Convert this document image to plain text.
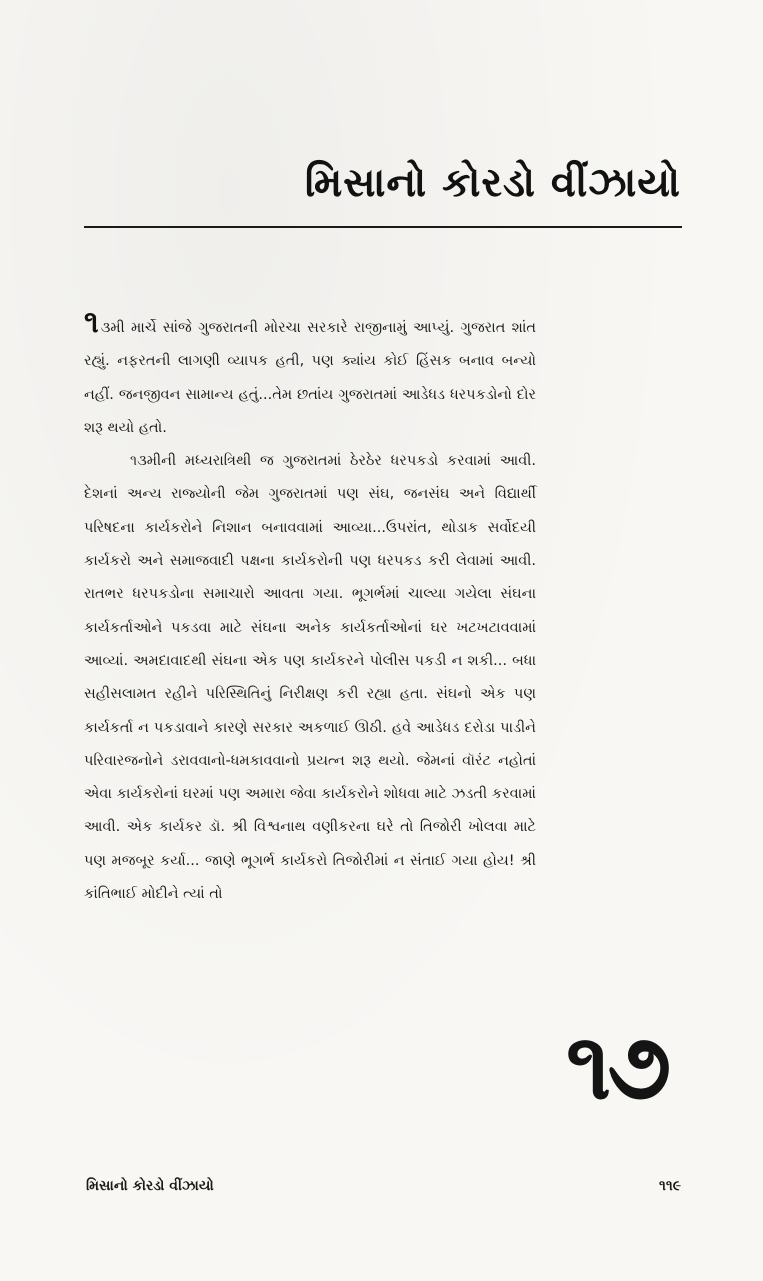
મિસાનો કોરડો વીંઝાયો

૧ ૩મી માર્ચે સાંજે ગુજરાતની મોરચા સરકારે રાજીનામું આપ્યું. ગુજરાત શાંત રહ્યું. નફરતની લાગણી વ્યાપક હતી, પણ ક્યાંય કોઈ હિંસક બનાવ બન્યો નહીં. જનજીવન સામાન્ય હતું...તેમ છતાંય ગુજરાતમાં આડેધડ ધરપકડોનો દોર શરૂ થયો હતો.

૧૩મીની મધ્યરાત્રિથી જ ગુજરાતમાં ઠેરઠેર ધરપકડો કરવામાં આવી. દેશનાં અન્ય રાજ્યોની જેમ ગુજરાતમાં પણ સંઘ, જનસંઘ અને વિદ્યાર્થી પરિષદના કાર્યકરોને નિશાન બનાવવામાં આવ્યા...ઉપરાંત, થોડાક સર્વોદયી કાર્યકરો અને સમાજવાદી પક્ષના કાર્યકરોની પણ ધરપકડ કરી લેવામાં આવી. રાતભર ધરપકડોના સમાચારો આવતા ગયા. ભૂગર્ભમાં ચાલ્યા ગયેલા સંઘના કાર્યકર્તાઓને પકડવા માટે સંઘના અનેક કાર્યકર્તાઓનાં ઘર ખટખટાવવામાં આવ્યાં. અમદાવાદથી સંઘના એક પણ કાર્યકરને પોલીસ પકડી ન શકી... બધા સહીસલામત રહીને પરિસ્થિતિનું નિરીક્ષણ કરી રહ્યા હતા. સંઘનો એક પણ કાર્યકર્તા ન પકડાવાને કારણે સરકાર અકળાઈ ઊઠી. હવે આડેધડ દરોડા પાડીને પરિવારજનોને ડરાવવાનો-ધમકાવવાનો પ્રયત્ન શરૂ થયો. જેમનાં વૉરંટ નહોતાં એવા કાર્યકરોનાં ઘરમાં પણ અમારા જેવા કાર્યકરોને શોધવા માટે ઝડતી કરવામાં આવી. એક કાર્યકર ડૉ. શ્રી વિશ્વનાથ વણીકરના ઘરે તો તિજોરી ખોલવા માટે પણ મજબૂર કર્યા... જાણે ભૂગર્ભ કાર્યકરો તિજોરીમાં ન સંતાઈ ગયા હોય! શ્રી કાંતિભાઈ મોદીને ત્યાં તો

૧૭
મિસાનો કોરડો વીંઝાયો	૧૧૯
